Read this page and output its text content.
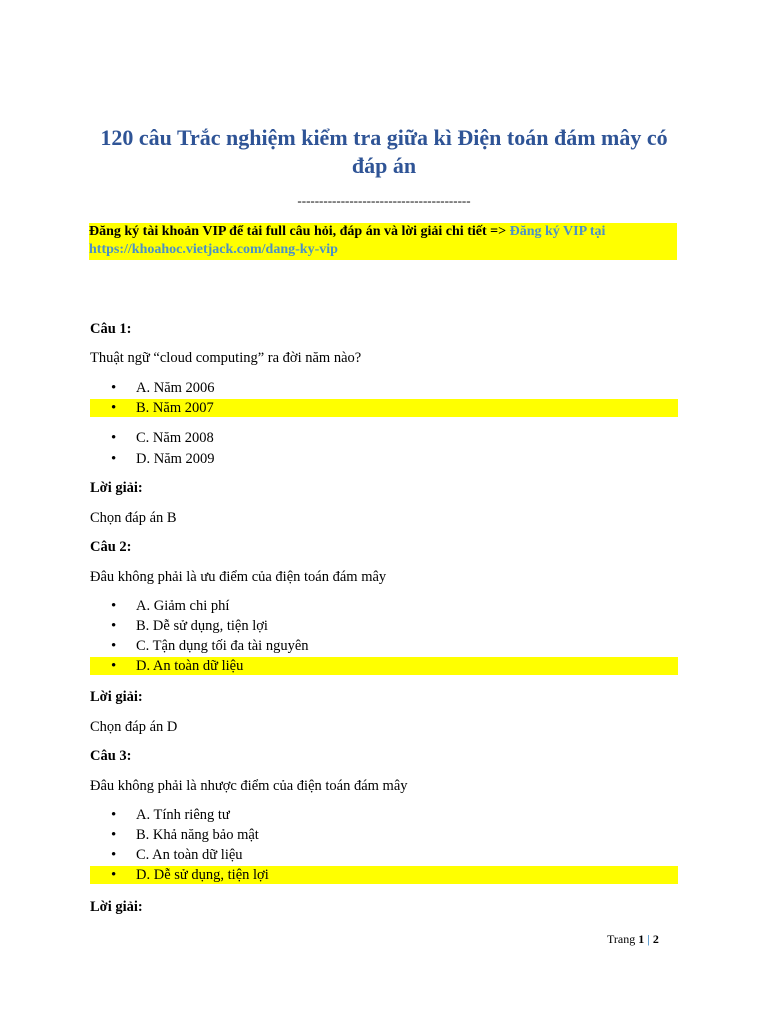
120 câu Trắc nghiệm kiểm tra giữa kì Điện toán đám mây có đáp án
----------------------------------------
Đăng ký tài khoản VIP để tải full câu hỏi, đáp án và lời giải chi tiết => Đăng ký VIP tại https://khoahoc.vietjack.com/dang-ky-vip
Câu 1:
Thuật ngữ “cloud computing” ra đời năm nào?
• A. Năm 2006
• B. Năm 2007
• C. Năm 2008
• D. Năm 2009
Lời giải:
Chọn đáp án B
Câu 2:
Đâu không phải là ưu điểm của điện toán đám mây
• A. Giảm chi phí
• B. Dễ sử dụng, tiện lợi
• C. Tận dụng tối đa tài nguyên
• D. An toàn dữ liệu
Lời giải:
Chọn đáp án D
Câu 3:
Đâu không phải là nhược điểm của điện toán đám mây
• A. Tính riêng tư
• B. Khả năng bảo mật
• C. An toàn dữ liệu
• D. Dễ sử dụng, tiện lợi
Lời giải:
Trang 1 | 2
